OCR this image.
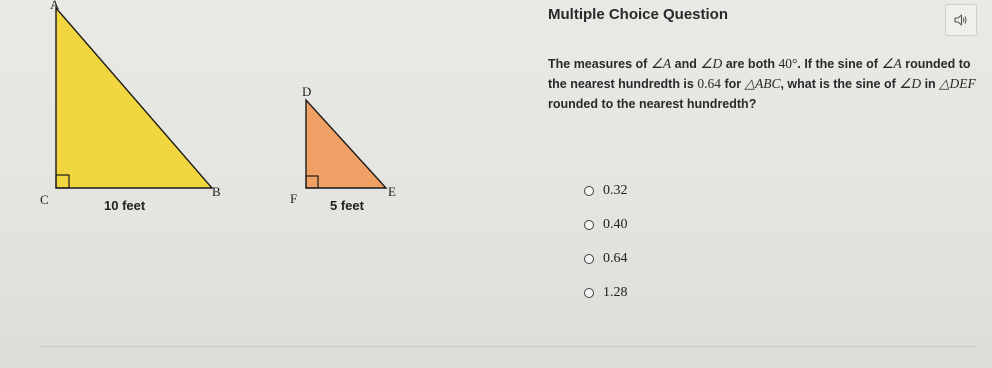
A
C
B
10 feet
D
F	E
5 feet
Multiple Choice Question
The measures of ∠A and ∠D are both 40°. If the sine of ∠A rounded to the nearest hundredth is 0.64 for △ABC, what is the sine of ∠D in △DEF rounded to the nearest hundredth?
0.32
0.40
0.64
1.28
